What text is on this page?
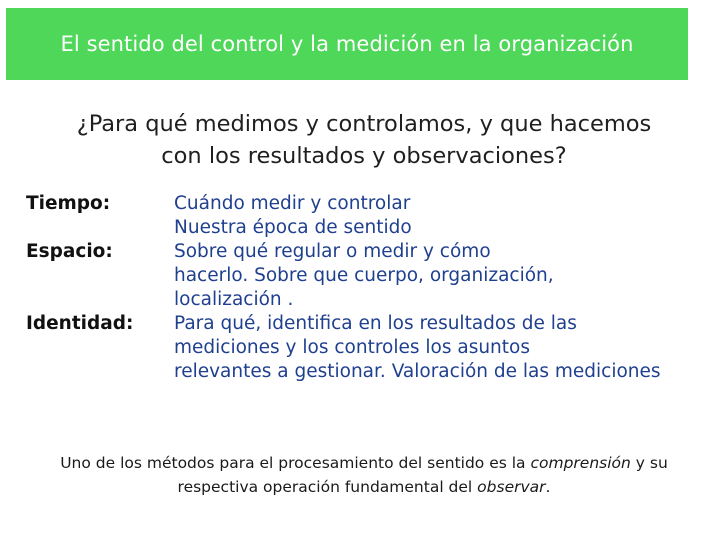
El sentido del control y la medición en la organización
¿Para qué medimos y controlamos, y que hacemos
con los resultados y observaciones?
Tiempo:	Cuándo medir y controlar
Nuestra época de sentido
Espacio:	Sobre qué regular o medir y cómo
hacerlo. Sobre que cuerpo, organización,
localización .
Identidad:	Para qué, identifica en los resultados de las
mediciones y los controles los asuntos
relevantes a gestionar. Valoración de las mediciones
Uno de los métodos para el procesamiento del sentido es la comprensión y su
respectiva operación fundamental del observar.
